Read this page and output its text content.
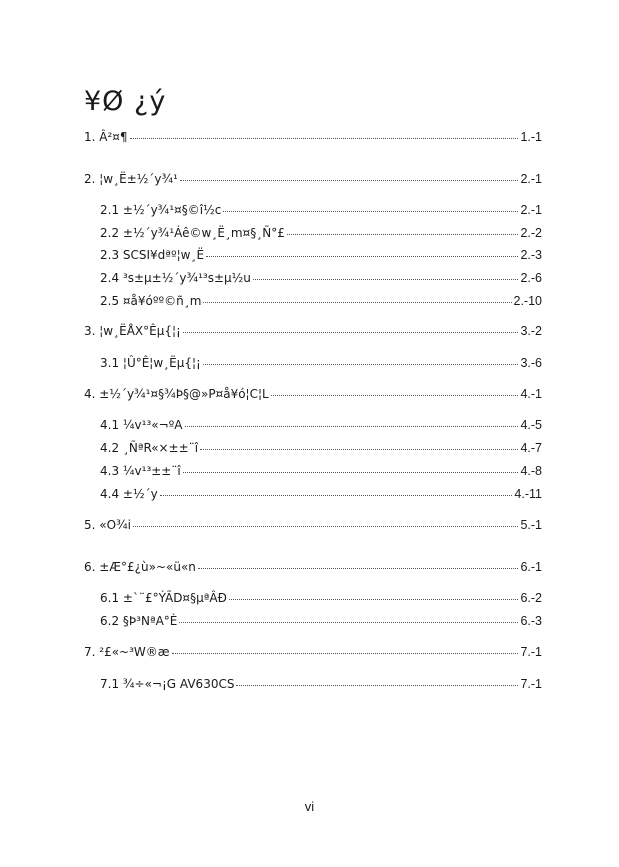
¥Ø ¿ý
1. Â²¤¶	1.-1
2. ¦w¸Ë±½´y¾¹	2.-1
2.1 ±½´y¾¹¤§©î½c	2.-1
2.2 ±½´y¾¹Áê©w¸Ë¸m¤§¸Ñ°£	2.-2
2.3 SCSI¥dªº¦w¸Ë	2.-3
2.4 ³s±µ±½´y¾¹³s±µ½u	2.-6
2.5 ¤å¥óºº©ñ¸m	2.-10
3. ¦w¸ËÅX°Êµ{¦¡	3.-2
3.1 ¦Û°Ê¦w¸Ëµ{¦¡	3.-6
4. ±½´y¾¹¤§¾Þ§@»P¤å¥ó¦C¦L	4.-1
4.1 ¼v¹³«¬ºA	4.-5
4.2 ¸ÑªR«×±±¨î	4.-7
4.3 ¼v¹³±±¨î	4.-8
4.4 ±½´y	4.-11
5. «O¾i	5.-1
6. ±Æ°£¿ù»~«ü«n	6.-1
6.1 ±`¨£°ÝÃD¤§µªÂÐ	6.-2
6.2 §Þ³NªA°È	6.-3
7. ²£«~³W®æ	7.-1
7.1 ¾÷«¬¡G AV630CS	7.-1
vi
